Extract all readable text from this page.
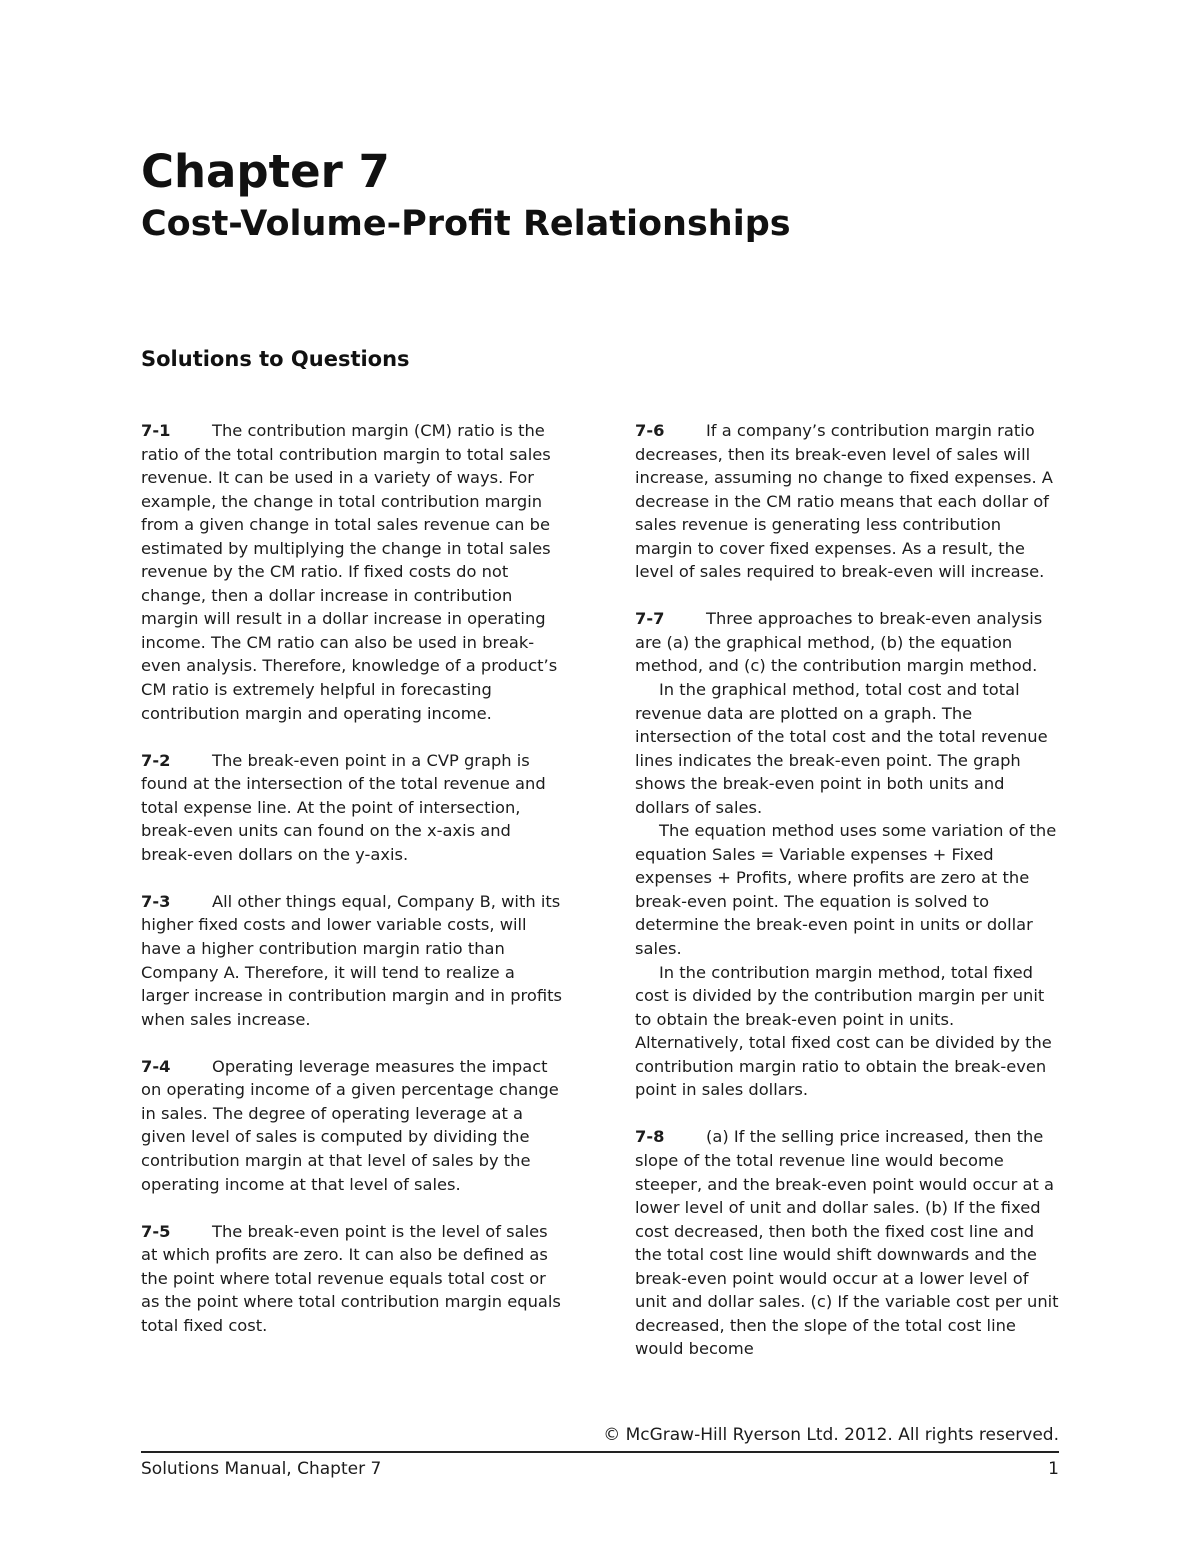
Chapter 7
Cost-Volume-Profit Relationships
Solutions to Questions

7-1	The contribution margin (CM) ratio is the ratio of the total contribution margin to total sales revenue. It can be used in a variety of ways. For example, the change in total contribution margin from a given change in total sales revenue can be estimated by multiplying the change in total sales revenue by the CM ratio. If fixed costs do not change, then a dollar increase in contribution margin will result in a dollar increase in operating income. The CM ratio can also be used in break-even analysis. Therefore, knowledge of a product’s CM ratio is extremely helpful in forecasting contribution margin and operating income.

7-2	The break-even point in a CVP graph is found at the intersection of the total revenue and total expense line. At the point of intersection, break-even units can found on the x-axis and break-even dollars on the y-axis.

7-3	All other things equal, Company B, with its higher fixed costs and lower variable costs, will have a higher contribution margin ratio than Company A. Therefore, it will tend to realize a larger increase in contribution margin and in profits when sales increase.

7-4	Operating leverage measures the impact on operating income of a given percentage change in sales. The degree of operating leverage at a given level of sales is computed by dividing the contribution margin at that level of sales by the operating income at that level of sales.

7-5	The break-even point is the level of sales at which profits are zero. It can also be defined as the point where total revenue equals total cost or as the point where total contribution margin equals total fixed cost.

7-6	If a company’s contribution margin ratio decreases, then its break-even level of sales will increase, assuming no change to fixed expenses. A decrease in the CM ratio means that each dollar of sales revenue is generating less contribution margin to cover fixed expenses. As a result, the level of sales required to break-even will increase.

7-7	Three approaches to break-even analysis are (a) the graphical method, (b) the equation method, and (c) the contribution margin method.

In the graphical method, total cost and total revenue data are plotted on a graph. The intersection of the total cost and the total revenue lines indicates the break-even point. The graph shows the break-even point in both units and dollars of sales.

The equation method uses some variation of the equation Sales = Variable expenses + Fixed expenses + Profits, where profits are zero at the break-even point. The equation is solved to determine the break-even point in units or dollar sales.

In the contribution margin method, total fixed cost is divided by the contribution margin per unit to obtain the break-even point in units. Alternatively, total fixed cost can be divided by the contribution margin ratio to obtain the break-even point in sales dollars.

7-8	(a) If the selling price increased, then the slope of the total revenue line would become steeper, and the break-even point would occur at a lower level of unit and dollar sales. (b) If the fixed cost decreased, then both the fixed cost line and the total cost line would shift downwards and the break-even point would occur at a lower level of unit and dollar sales. (c) If the variable cost per unit decreased, then the slope of the total cost line would become

© McGraw-Hill Ryerson Ltd. 2012. All rights reserved.
Solutions Manual, Chapter 7	1
